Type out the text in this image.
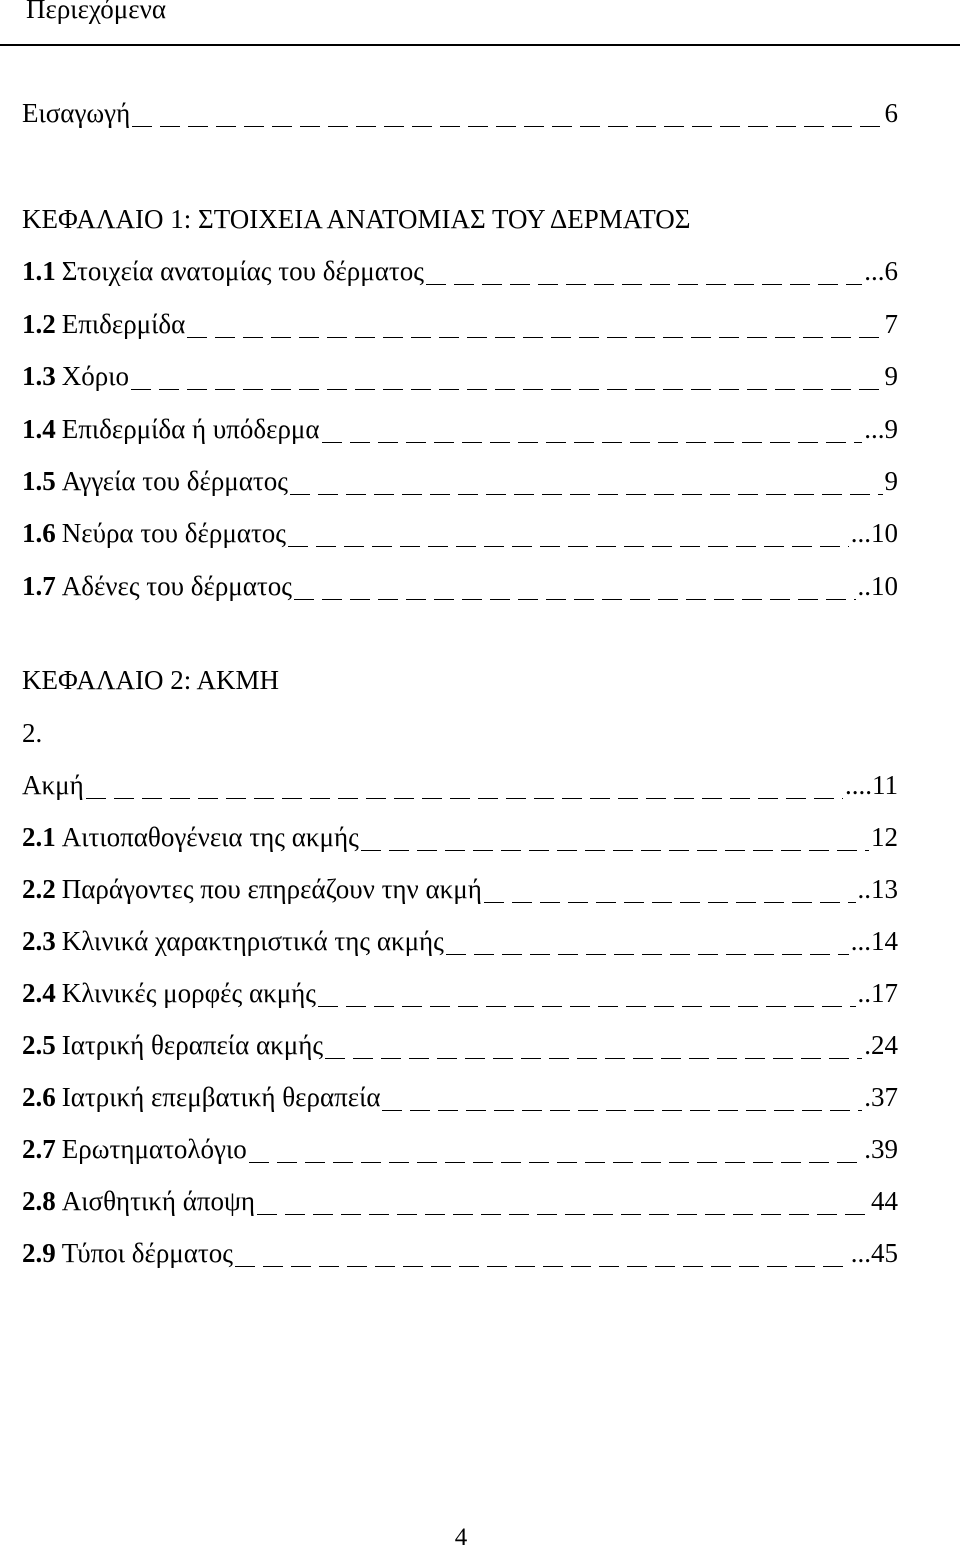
Περιεχόμενα
Εισαγωγή	6
ΚΕΦΑΛΑΙΟ 1: ΣΤΟΙΧΕΙΑ ΑΝΑΤΟΜΙΑΣ ΤΟΥ ΔΕΡΜΑΤΟΣ
1.1 Στοιχεία ανατομίας του δέρματος	...6
1.2 Επιδερμίδα	7
1.3 Χόριο	9
1.4 Επιδερμίδα ή υπόδερμα	...9
1.5 Αγγεία του δέρματος	9
1.6 Νεύρα του δέρματος	...10
1.7 Αδένες του δέρματος	..10
ΚΕΦΑΛΑΙΟ 2: ΑΚΜΗ
2.
Ακμή	....11
2.1 Αιτιοπαθογένεια της ακμής	12
2.2 Παράγοντες που επηρεάζουν την ακμή	..13
2.3 Κλινικά χαρακτηριστικά της ακμής	...14
2.4 Κλινικές μορφές ακμής	..17
2.5 Ιατρική θεραπεία ακμής	.24
2.6 Ιατρική επεμβατική θεραπεία	.37
2.7 Ερωτηματολόγιο	.39
2.8 Αισθητική άποψη	44
2.9 Τύποι δέρματος	...45
4
